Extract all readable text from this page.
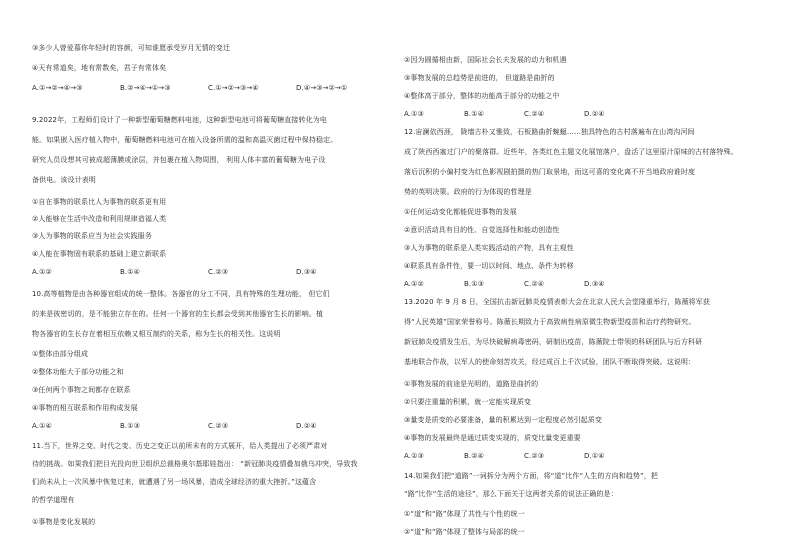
③多少人曾爱慕你年轻时的容颜，可知谁愿承受岁月无情的变迁
④天有常道矣，地有常数矣，君子有常体矣
A.①→②→④→③	B.②→④→①→③	C.①→②→③→④	D.④→③→②→①
9.2022年，工程师们设计了一种新型葡萄糖燃料电池，这种新型电池可将葡萄糖直接转化为电
能。如果嵌入医疗植入物中，葡萄糖燃料电池可在植入设备所需的温和高温灭菌过程中保持稳定。
研究人员设想其可被成超薄膜或涂层，并包裹在植入物周围， 利用人体丰富的葡萄糖为电子设
备供电。该设计表明
①自在事物的联系比人为事物的联系更有用
②人能够在生活中改造和利用规律造福人类
③人为事物的联系应当为社会实践服务
④人能在事物固有联系的基础上建立新联系
A.①②	B.①④	C.②③	D.③④
10.高等植物是由各种器官组成的统一整体。各器官的分工不同，具有特殊的生理功能， 但它们
的来是彼密切的，是不能独立存在的。任何一个器官的生长都会受到其他器官生长的影响。植
物各器官的生长存在着相互依赖又相互制约的关系，称为生长的相关性。这说明
①整体由部分组成
②整体功能大于部分功能之和
③任何两个事物之间都存在联系
④事物的相互联系和作用构成发展
A.①④	B.①③	C.②③	D.②④
11.当下，世界之变、时代之变、历史之变正以前所未有的方式展开，给人类提出了必须严肃对
待的挑战。如果我们把目光投向世卫组织总裁格奥尔基耶娃指出： “新冠肺炎疫情叠加俄乌冲突，导致我
们尚未从上一次风暴中恢复过来，就遭遇了另一场风暴，造成全球经济的重大挫折。”这蕴含
的哲学道理有
①事物是变化发展的
②因为圆循相由新，国际社会长夫发展的动力和机遇
③事物发展的总趋势是前进的， 但道路是曲折的
④整体高于部分，整体的功能高于部分的功能之中
A.①③	B.①④	C.②④	D.②④
12.宙澜依西涯， 陇墙古朴又雅致，石板路曲折蜿蜒……独具特色的古村落遍布在山湾沟河间
成了陕西西塞过门户的聚落群。近些年，各类红色主题文化展馆落户，盘活了这里原汁原味的古村落特殊。
落后沉积的小偏村变为红色影视剧拍摄的热门取景地，而这可喜的变化离不开当地政府谁时度
势的英明决策。政府的行为体现的哲理是
①任何运动变化都能促进事物的发展
②意识活动具有目的性、自觉选择性和能动创造性
③人为事物的联系是人类实践活动的产物，具有主观性
④联系具有条件性，要一切以时间、地点、条件为转移
A.①②	B.①③	C.②④	D.③④
13.2020 年 9 月 8 日，全国抗击新冠肺炎疫情表彰大会在北京人民大会堂隆重举行，陈薇将军获
得“人民英雄”国家荣誉称号。陈薇长期致力于高致病性病原微生物新型疫苗和治疗药物研究。
新冠肺炎疫情发生后，为尽快破解病毒密码，研制出疫苗，陈薇院士带领的科研团队与后方科研
基地联合作战，以军人的使命刻苦攻关，经过成百上千次试验，团队不断取得突破。这说明：
①事物发展的前途是光明的，道路是曲折的
②只要注重量的积累，就一定能实现质变
③量变是质变的必要准备，量的积累达到一定程度必然引起质变
④事物的发展最终是通过质变实现的，质变比量变更重要
A.①③	B.②④	C.②③	D.①④
14.如果我们把“道路”一词拆分为两个方面，将“道”比作“人生的方向和趋势”，把
“路”比作“生活的途径”，那么下面关于这两者关系的说法正确的是：
①“道”和“路”体现了共性与个性的统一
②“道”和“路”体现了整体与局部的统一
